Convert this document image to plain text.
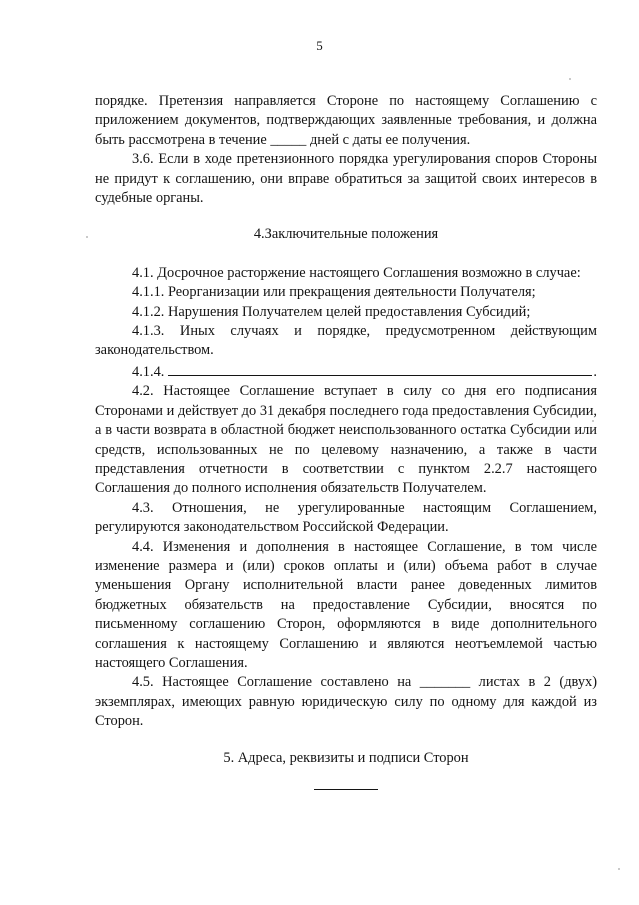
5

порядке. Претензия направляется Стороне по настоящему Соглашению с приложением документов, подтверждающих заявленные требования, и должна быть рассмотрена в течение _____ дней с даты ее получения.

3.6. Если в ходе претензионного порядка урегулирования споров Стороны не придут к соглашению, они вправе обратиться за защитой своих интересов в судебные органы.

4.Заключительные положения

4.1. Досрочное расторжение настоящего Соглашения возможно в случае:

4.1.1. Реорганизации или прекращения деятельности Получателя;

4.1.2. Нарушения Получателем целей предоставления Субсидий;

4.1.3. Иных случаях и порядке, предусмотренном действующим законодательством.

4.1.4.	.

4.2. Настоящее Соглашение вступает в силу со дня его подписания Сторонами и действует до 31 декабря последнего года предоставления Субсидии, а в части возврата в областной бюджет неиспользованного остатка Субсидии или средств, использованных не по целевому назначению, а также в части представления отчетности в соответствии с пунктом 2.2.7 настоящего Соглашения до полного исполнения обязательств Получателем.

4.3. Отношения, не урегулированные настоящим Соглашением, регулируются законодательством Российской Федерации.

4.4. Изменения и дополнения в настоящее Соглашение, в том числе изменение размера и (или) сроков оплаты и (или) объема работ в случае уменьшения Органу исполнительной власти ранее доведенных лимитов бюджетных обязательств на предоставление Субсидии, вносятся по письменному соглашению Сторон, оформляются в виде дополнительного соглашения к настоящему Соглашению и являются неотъемлемой частью настоящего Соглашения.

4.5. Настоящее Соглашение составлено на _______ листах в 2 (двух) экземплярах, имеющих равную юридическую силу по одному для каждой из Сторон.

5. Адреса, реквизиты и подписи Сторон
